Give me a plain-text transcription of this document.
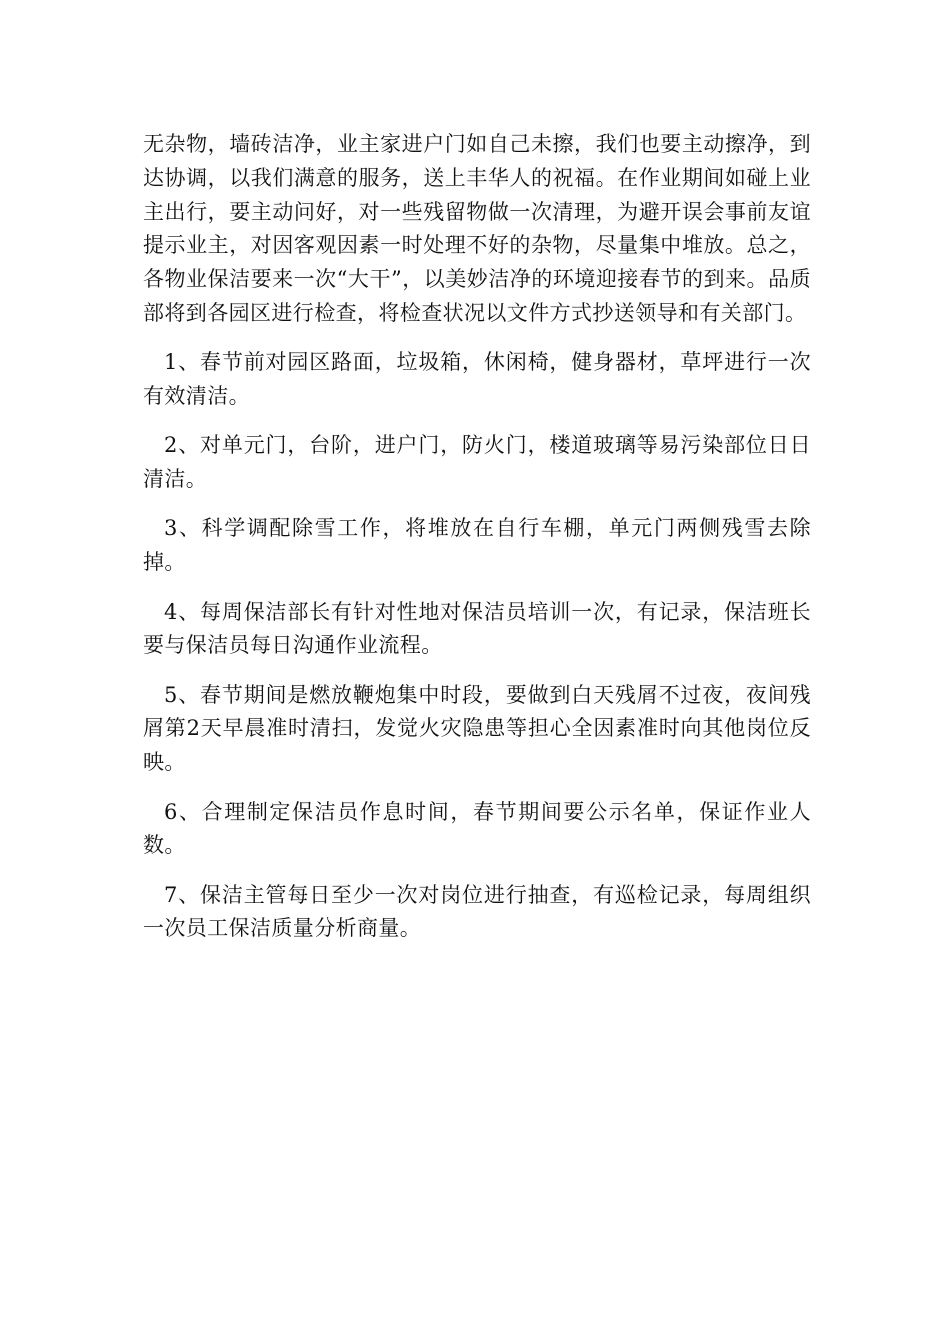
无杂物，墙砖洁净，业主家进户门如自己未擦，我们也要主动擦净，到达协调，以我们满意的服务，送上丰华人的祝福。在作业期间如碰上业主出行，要主动问好，对一些残留物做一次清理，为避开误会事前友谊提示业主，对因客观因素一时处理不好的杂物，尽量集中堆放。总之，各物业保洁要来一次“大干”，以美妙洁净的环境迎接春节的到来。品质部将到各园区进行检查，将检查状况以文件方式抄送领导和有关部门。

1、春节前对园区路面，垃圾箱，休闲椅，健身器材，草坪进行一次有效清洁。

2、对单元门，台阶，进户门，防火门，楼道玻璃等易污染部位日日清洁。

3、科学调配除雪工作，将堆放在自行车棚，单元门两侧残雪去除掉。

4、每周保洁部长有针对性地对保洁员培训一次，有记录，保洁班长要与保洁员每日沟通作业流程。

5、春节期间是燃放鞭炮集中时段，要做到白天残屑不过夜，夜间残屑第2天早晨准时清扫，发觉火灾隐患等担心全因素准时向其他岗位反映。

6、合理制定保洁员作息时间，春节期间要公示名单，保证作业人数。

7、保洁主管每日至少一次对岗位进行抽查，有巡检记录，每周组织一次员工保洁质量分析商量。
